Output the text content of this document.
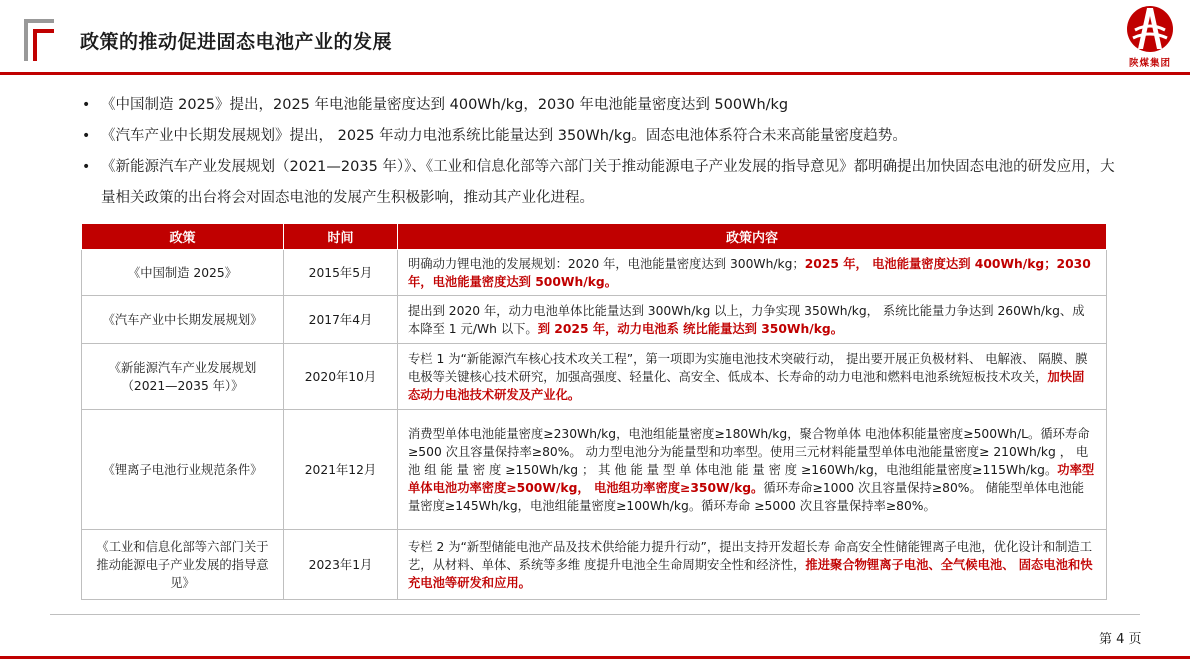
政策的推动促进固态电池产业的发展
陕煤集团
• 《中国制造 2025》提出，2025 年电池能量密度达到 400Wh/kg，2030 年电池能量密度达到 500Wh/kg
• 《汽车产业中长期发展规划》提出， 2025 年动力电池系统比能量达到 350Wh/kg。固态电池体系符合未来高能量密度趋势。
• 《新能源汽车产业发展规划（2021—2035 年）》、《工业和信息化部等六部门关于推动能源电子产业发展的指导意见》都明确提出加快固态电池的研发应用，大量相关政策的出台将会对固态电池的发展产生积极影响，推动其产业化进程。
政策	时间	政策内容
《中国制造 2025》	2015年5月	明确动力锂电池的发展规划：2020 年，电池能量密度达到 300Wh/kg；2025 年， 电池能量密度达到 400Wh/kg；2030 年，电池能量密度达到 500Wh/kg。
《汽车产业中长期发展规划》	2017年4月	提出到 2020 年，动力电池单体比能量达到 300Wh/kg 以上，力争实现 350Wh/kg， 系统比能量力争达到 260Wh/kg、成本降至 1 元/Wh 以下。到 2025 年，动力电池系 统比能量达到 350Wh/kg。
《新能源汽车产业发展规划（2021—2035 年）》	2020年10月	专栏 1 为“新能源汽车核心技术攻关工程”，第一项即为实施电池技术突破行动， 提出要开展正负极材料、 电解液、 隔膜、膜电极等关键核心技术研究，加强高强度、轻量化、高安全、低成本、长寿命的动力电池和燃料电池系统短板技术攻关，加快固态动力电池技术研发及产业化。
《锂离子电池行业规范条件》	2021年12月	消费型单体电池能量密度≥230Wh/kg，电池组能量密度≥180Wh/kg，聚合物单体 电池体积能量密度≥500Wh/L。循环寿命≥500 次且容量保持率≥80%。 动力型电池分为能量型和功率型。使用三元材料能量型单体电池能量密度≥ 210Wh/kg ， 电池 组 能 量 密 度 ≥150Wh/kg ； 其 他 能 量 型 单 体电池 能 量 密 度 ≥160Wh/kg，电池组能量密度≥115Wh/kg。功率型单体电池功率密度≥500W/kg， 电池组功率密度≥350W/kg。循环寿命≥1000 次且容量保持≥80%。 储能型单体电池能量密度≥145Wh/kg，电池组能量密度≥100Wh/kg。循环寿命 ≥5000 次且容量保持率≥80%。
《工业和信息化部等六部门关于 推动能源电子产业发展的指导意 见》	2023年1月	专栏 2 为“新型储能电池产品及技术供给能力提升行动”，提出支持开发超长寿 命高安全性储能锂离子电池，优化设计和制造工艺，从材料、单体、系统等多维 度提升电池全生命周期安全性和经济性，推进聚合物锂离子电池、全气候电池、 固态电池和快充电池等研发和应用。
第 4 页
